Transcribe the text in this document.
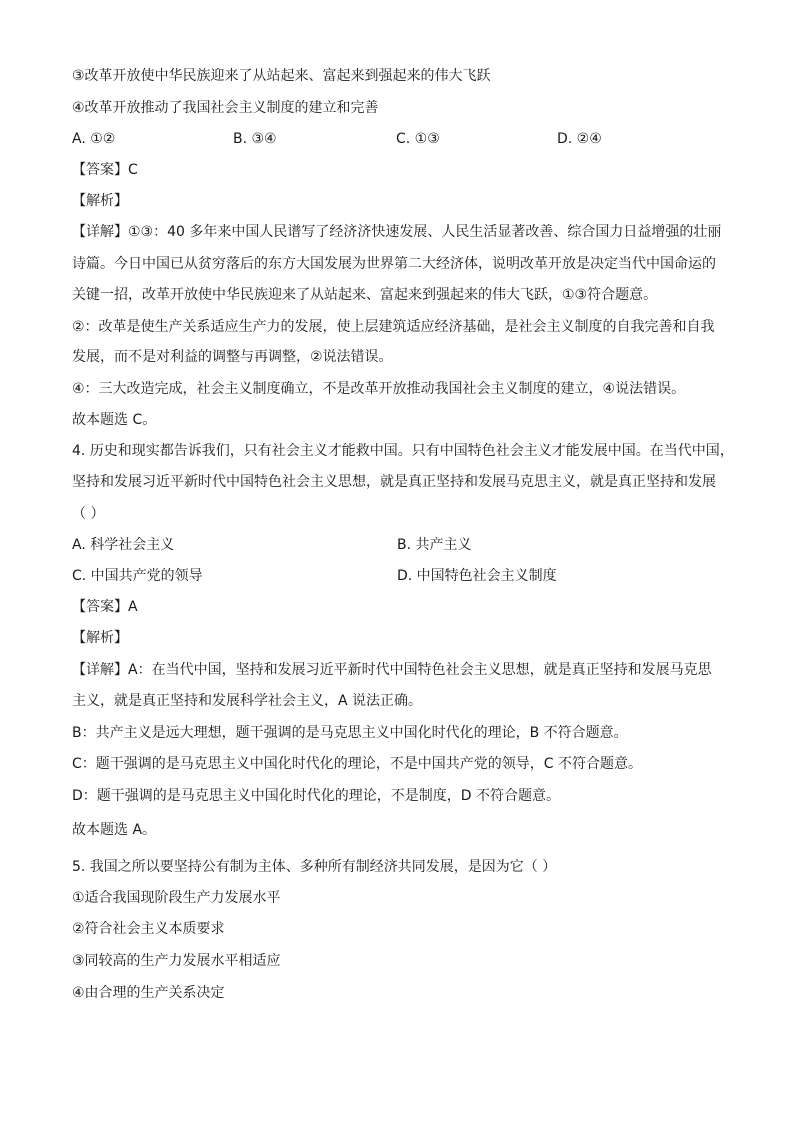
③改革开放使中华民族迎来了从站起来、富起来到强起来的伟大飞跃
④改革开放推动了我国社会主义制度的建立和完善
A. ①②	B. ③④	C. ①③	D. ②④
【答案】C
【解析】
【详解】①③：40 多年来中国人民谱写了经济济快速发展、人民生活显著改善、综合国力日益增强的壮丽
诗篇。今日中国已从贫穷落后的东方大国发展为世界第二大经济体，说明改革开放是决定当代中国命运的
关键一招，改革开放使中华民族迎来了从站起来、富起来到强起来的伟大飞跃，①③符合题意。
②：改革是使生产关系适应生产力的发展，使上层建筑适应经济基础，是社会主义制度的自我完善和自我
发展，而不是对利益的调整与再调整，②说法错误。
④：三大改造完成，社会主义制度确立，不是改革开放推动我国社会主义制度的建立，④说法错误。
故本题选 C。
4. 历史和现实都告诉我们，只有社会主义才能救中国。只有中国特色社会主义才能发展中国。在当代中国，
坚持和发展习近平新时代中国特色社会主义思想，就是真正坚持和发展马克思主义，就是真正坚持和发展
（ ）
A. 科学社会主义	B. 共产主义
C. 中国共产党的领导	D. 中国特色社会主义制度
【答案】A
【解析】
【详解】A：在当代中国，坚持和发展习近平新时代中国特色社会主义思想，就是真正坚持和发展马克思
主义，就是真正坚持和发展科学社会主义，A 说法正确。
B：共产主义是远大理想，题干强调的是马克思主义中国化时代化的理论，B 不符合题意。
C：题干强调的是马克思主义中国化时代化的理论，不是中国共产党的领导，C 不符合题意。
D：题干强调的是马克思主义中国化时代化的理论，不是制度，D 不符合题意。
故本题选 A。
5. 我国之所以要坚持公有制为主体、多种所有制经济共同发展，是因为它（ ）
①适合我国现阶段生产力发展水平
②符合社会主义本质要求
③同较高的生产力发展水平相适应
④由合理的生产关系决定
